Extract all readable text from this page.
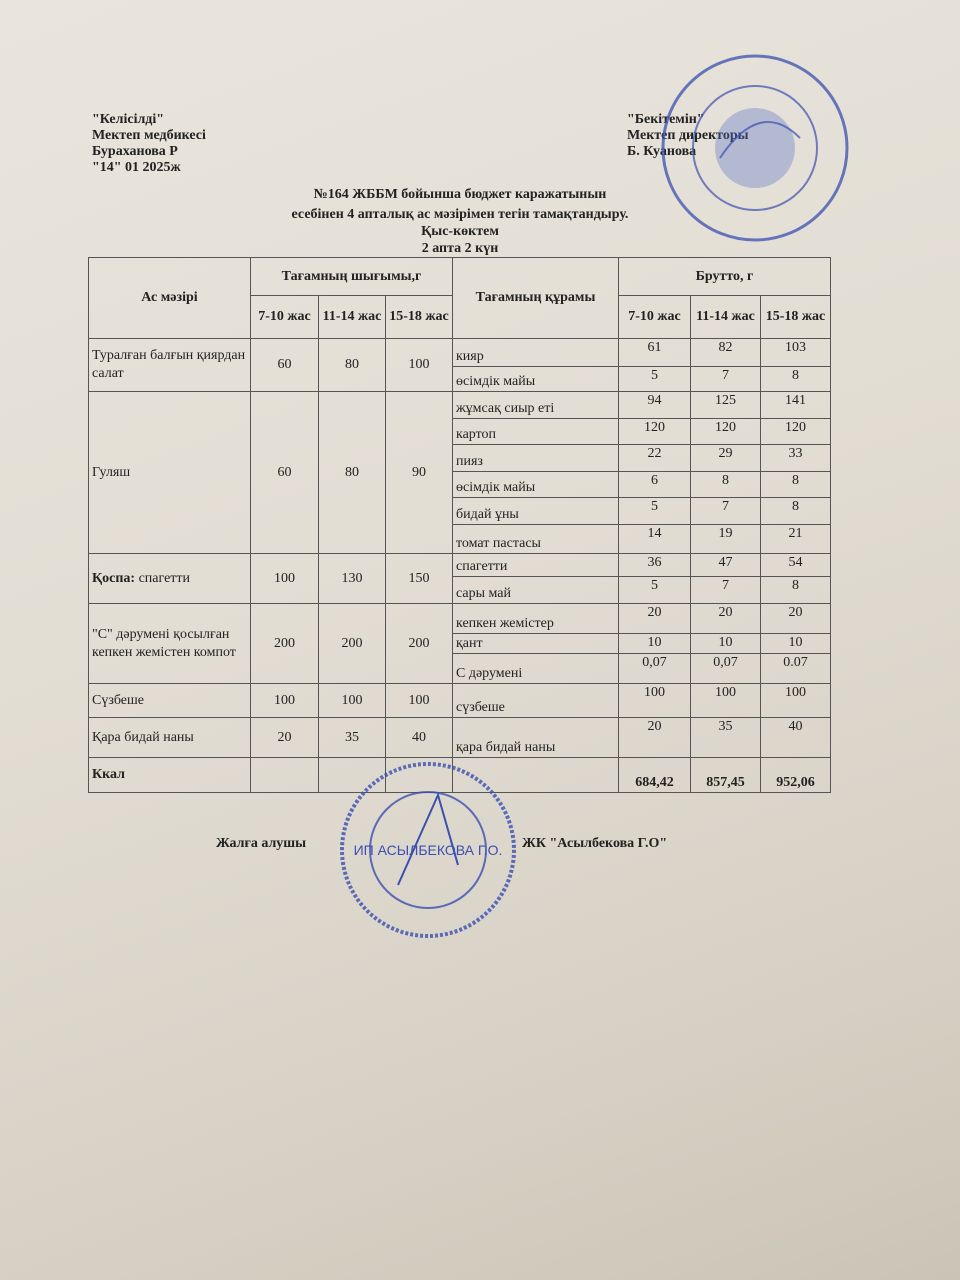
"Келісілді"
Мектеп медбикесі
Бураханова Р
"14" 01 2025ж
"Бекітемін"
Мектеп директоры
Б. Куанова
№164 ЖББМ бойынша бюджет каражатынын
есебінен 4 апталық ас мәзірімен тегін тамақтандыру.
Қыс-көктем
2 апта 2 күн
Ас мәзірі	Тағамның шығымы,г			Тағамның құрамы	Брутто, г		
	7-10 жас	11-14 жас	15-18 жас		7-10 жас	11-14 жас	15-18 жас
Туралған балғын қиярдан салат	60	80	100	кияр	61	82	103
				өсімдік майы	5	7	8
Гуляш	60	80	90	жұмсақ сиыр еті	94	125	141
				картоп	120	120	120
				пияз	22	29	33
				өсімдік майы	6	8	8
				бидай ұны	5	7	8
				томат пастасы	14	19	21
Қоспа: спагетти	100	130	150	спагетти	36	47	54
				сары май	5	7	8
"С" дәрумені қосылған кепкен жемістен компот	200	200	200	кепкен жемістер	20	20	20
				қант	10	10	10
				С дәрумені	0,07	0,07	0.07
Сүзбеше	100	100	100	сүзбеше	100	100	100
Қара бидай наны	20	35	40	қара бидай наны	20	35	40
Ккал					684,42	857,45	952,06
Жалға алушы	ЖК "Асылбекова Г.О"
ИП АСЫЛБЕКОВА Г.О.
